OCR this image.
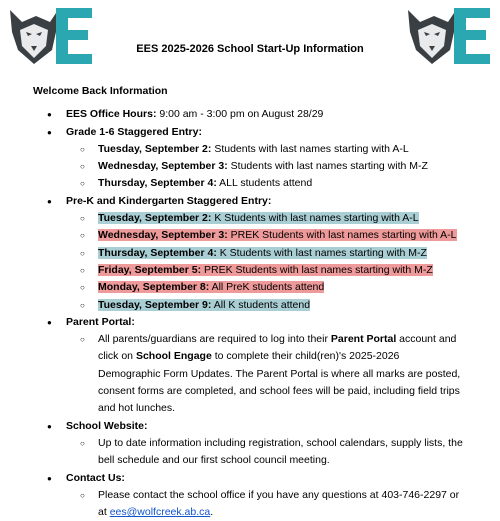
EES 2025-2026 School Start-Up Information
Welcome Back Information
● EES Office Hours: 9:00 am - 3:00 pm on August 28/29
● Grade 1-6 Staggered Entry:
○ Tuesday, September 2: Students with last names starting with A-L
○ Wednesday, September 3: Students with last names starting with M-Z
○ Thursday, September 4: ALL students attend
● Pre-K and Kindergarten Staggered Entry:
○ Tuesday, September 2: K Students with last names starting with A-L
○ Wednesday, September 3: PREK Students with last names starting with A-L
○ Thursday, September 4: K Students with last names starting with M-Z
○ Friday, September 5: PREK Students with last names starting with M-Z
○ Monday, September 8: All PreK students attend
○ Tuesday, September 9: All K students attend
● Parent Portal:
○ All parents/guardians are required to log into their Parent Portal account and click on School Engage to complete their child(ren)'s 2025-2026 Demographic Form Updates. The Parent Portal is where all marks are posted, consent forms are completed, and school fees will be paid, including field trips and hot lunches.
● School Website:
○ Up to date information including registration, school calendars, supply lists, the bell schedule and our first school council meeting.
● Contact Us:
○ Please contact the school office if you have any questions at 403-746-2297 or at ees@wolfcreek.ab.ca.
